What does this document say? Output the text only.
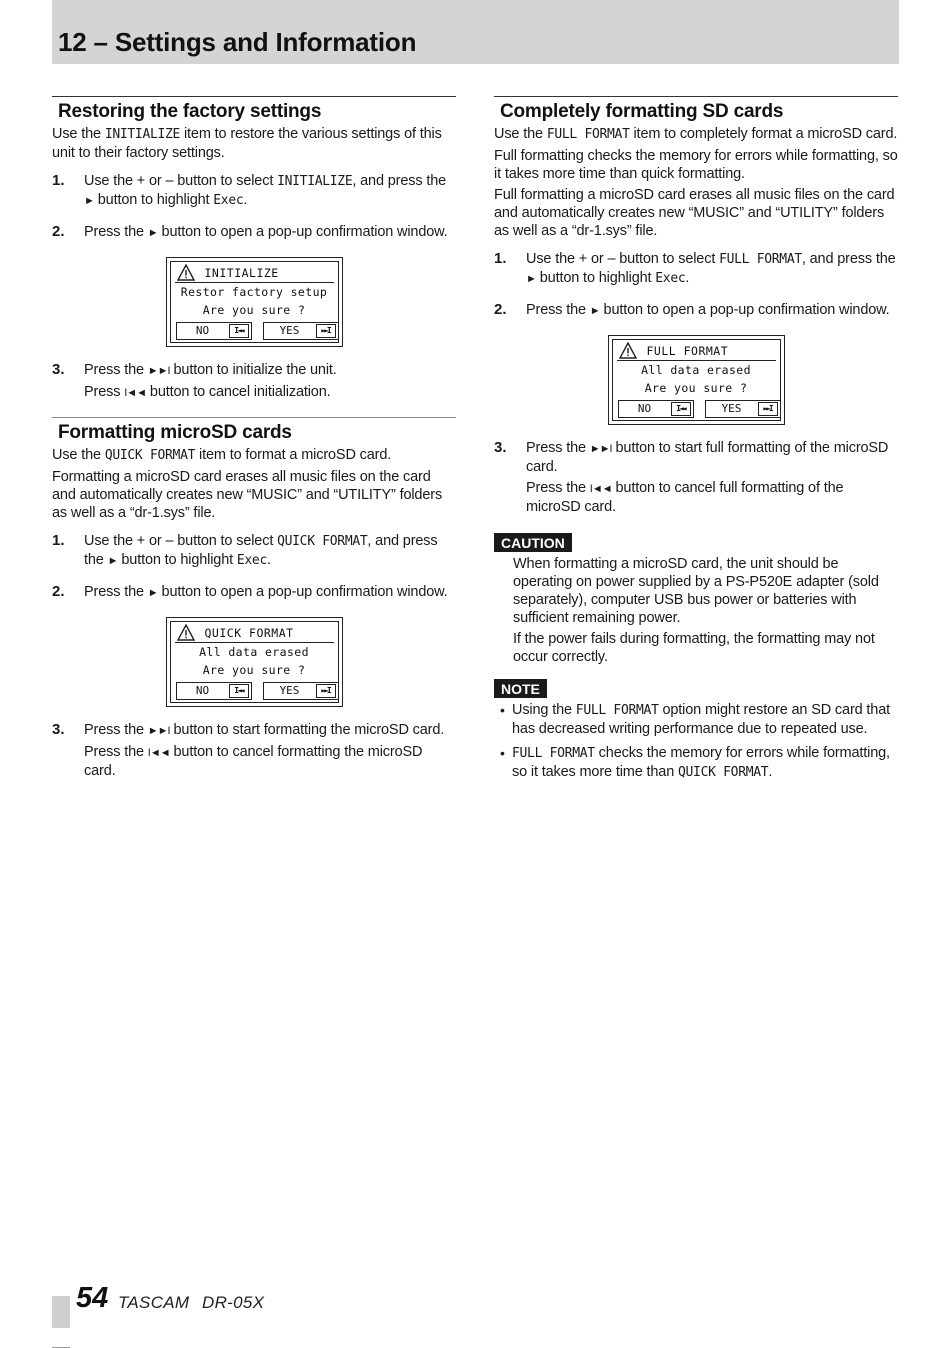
12 – Settings and Information
Restoring the factory settings

Use the INITIALIZE item to restore the various settings of this unit to their factory settings.

1.	Use the + or – button to select INITIALIZE, and press the ► button to highlight Exec.

2.	Press the ► button to open a pop-up confirmation window.

INITIALIZE
Restor factory setup
Are you sure ?
NO	I◄◄	YES	►►I
3.	Press the ►►I button to initialize the unit.

Press I◄◄ button to cancel initialization.

Formatting microSD cards

Use the QUICK FORMAT item to format a microSD card.

Formatting a microSD card erases all music files on the card and automatically creates new “MUSIC” and “UTILITY” folders as well as a “dr-1.sys” file.

1.	Use the + or – button to select QUICK FORMAT, and press the ► button to highlight Exec.

2.	Press the ► button to open a pop-up confirmation window.

QUICK FORMAT
All data erased
Are you sure ?
NO	I◄◄	YES	►►I
3.	Press the ►►I button to start formatting the microSD card.

Press the I◄◄ button to cancel formatting the microSD card.

Completely formatting SD cards

Use the FULL FORMAT item to completely format a microSD card.

Full formatting checks the memory for errors while formatting, so it takes more time than quick formatting.

Full formatting a microSD card erases all music files on the card and automatically creates new “MUSIC” and “UTILITY” folders as well as a “dr-1.sys” file.

1.	Use the + or – button to select FULL FORMAT, and press the ► button to highlight Exec.

2.	Press the ► button to open a pop-up confirmation window.

FULL FORMAT
All data erased
Are you sure ?
NO	I◄◄	YES	►►I
3.	Press the ►►I button to start full formatting of the microSD card.

Press the I◄◄ button to cancel full formatting of the microSD card.

CAUTION

When formatting a microSD card, the unit should be operating on power supplied by a PS-P520E adapter (sold separately), computer USB bus power or batteries with sufficient remaining power.

If the power fails during formatting, the formatting may not occur correctly.

NOTE
• Using the FULL FORMAT option might restore an SD card that has decreased writing performance due to repeated use.

• FULL FORMAT checks the memory for errors while formatting, so it takes more time than QUICK FORMAT.

54 TASCAM DR-05X
